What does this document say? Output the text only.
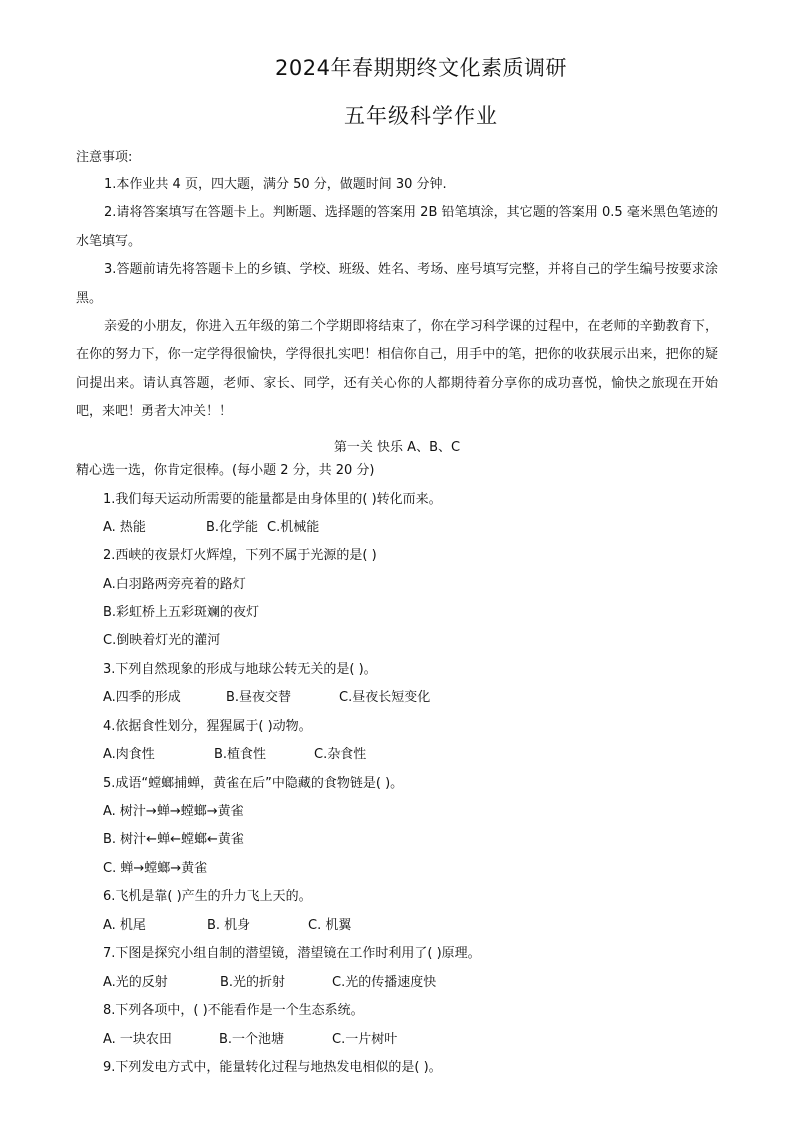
2024年春期期终文化素质调研
五年级科学作业
注意事项:

1.本作业共 4 页，四大题，满分 50 分，做题时间 30 分钟.

2.请将答案填写在答题卡上。判断题、选择题的答案用 2B 铅笔填涂，其它题的答案用 0.5 毫米黑色笔迹的水笔填写。

3.答题前请先将答题卡上的乡镇、学校、班级、姓名、考场、座号填写完整，并将自己的学生编号按要求涂黑。

亲爱的小朋友，你进入五年级的第二个学期即将结束了，你在学习科学课的过程中，在老师的辛勤教育下，在你的努力下，你一定学得很愉快，学得很扎实吧！相信你自己，用手中的笔，把你的收获展示出来，把你的疑问提出来。请认真答题，老师、家长、同学，还有关心你的人都期待着分享你的成功喜悦，愉快之旅现在开始吧，来吧！勇者大冲关！！

第一关 快乐 A、B、C
精心选一选，你肯定很棒。(每小题 2 分，共 20 分)
1.我们每天运动所需要的能量都是由身体里的( )转化而来。
A. 热能	B.化学能 C.机械能
2.西峡的夜景灯火辉煌，下列不属于光源的是( )
A.白羽路两旁亮着的路灯
B.彩虹桥上五彩斑斓的夜灯
C.倒映着灯光的灌河
3.下列自然现象的形成与地球公转无关的是( )。
A.四季的形成	B.昼夜交替	C.昼夜长短变化
4.依据食性划分，猩猩属于( )动物。
A.肉食性	B.植食性	C.杂食性
5.成语“螳螂捕蝉，黄雀在后”中隐藏的食物链是( )。
A. 树汁→蝉→螳螂→黄雀
B. 树汁←蝉←螳螂←黄雀
C. 蝉→螳螂→黄雀
6.飞机是靠( )产生的升力飞上天的。
A. 机尾	B. 机身	C. 机翼
7.下图是探究小组自制的潜望镜，潜望镜在工作时利用了( )原理。
A.光的反射	B.光的折射	C.光的传播速度快
8.下列各项中，( )不能看作是一个生态系统。
A. 一块农田	B.一个池塘	C.一片树叶
9.下列发电方式中，能量转化过程与地热发电相似的是( )。
